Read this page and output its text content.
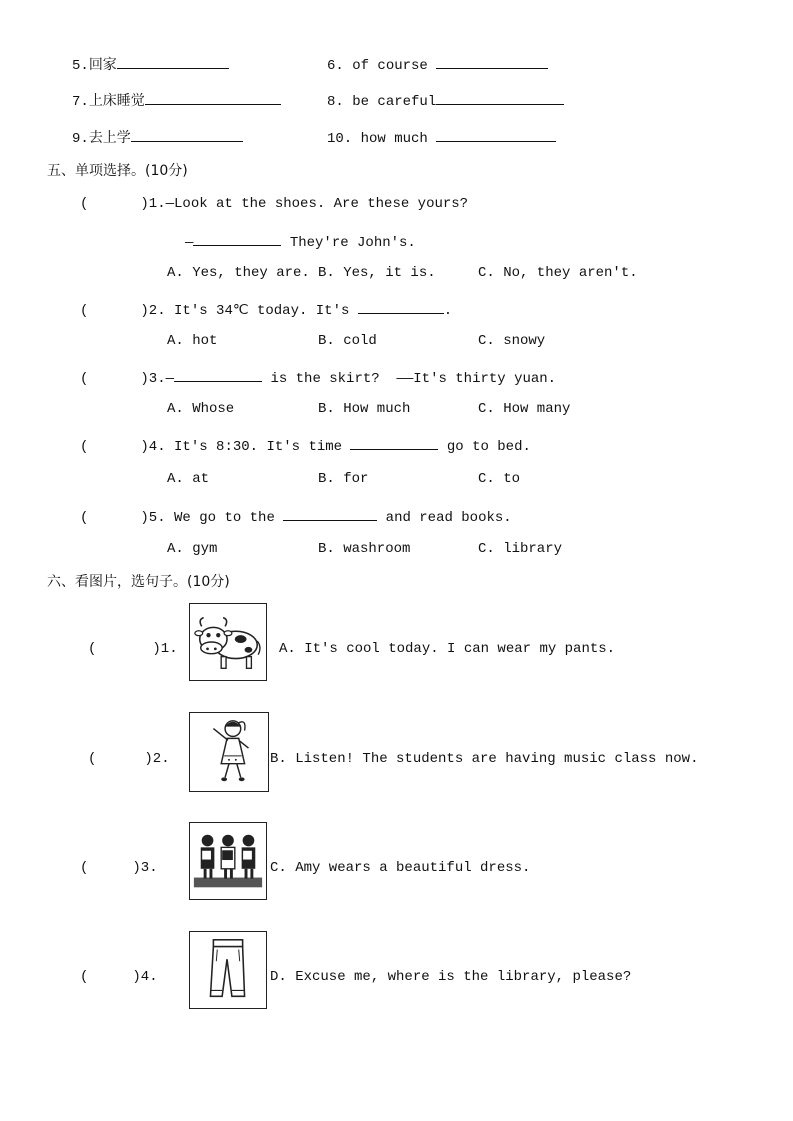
5.回家	6. of course
7.上床睡觉	8. be careful
9.去上学	10. how much
五、单项选择。(10分)
(	)1.—Look at the shoes. Are these yours?
—	They're John's.
A. Yes, they are. B. Yes, it is.	C. No, they aren't.
(	)2. It's 34℃ today. It's	.
A. hot	B. cold	C. snowy
(	)3.—	is the skirt?  ——It's thirty yuan.
A. Whose	B. How much	C. How many
(	)4. It's 8:30. It's time	go to bed.
A. at	B. for	C. to
(	)5. We go to the	and read books.
A. gym	B. washroom	C. library
六、看图片，选句子。(10分)
(	)1.	A. It's cool today. I can wear my pants.
(	)2.	B. Listen! The students are having music class now.
(	)3.	C. Amy wears a beautiful dress.
(	)4.	D. Excuse me, where is the library, please?
